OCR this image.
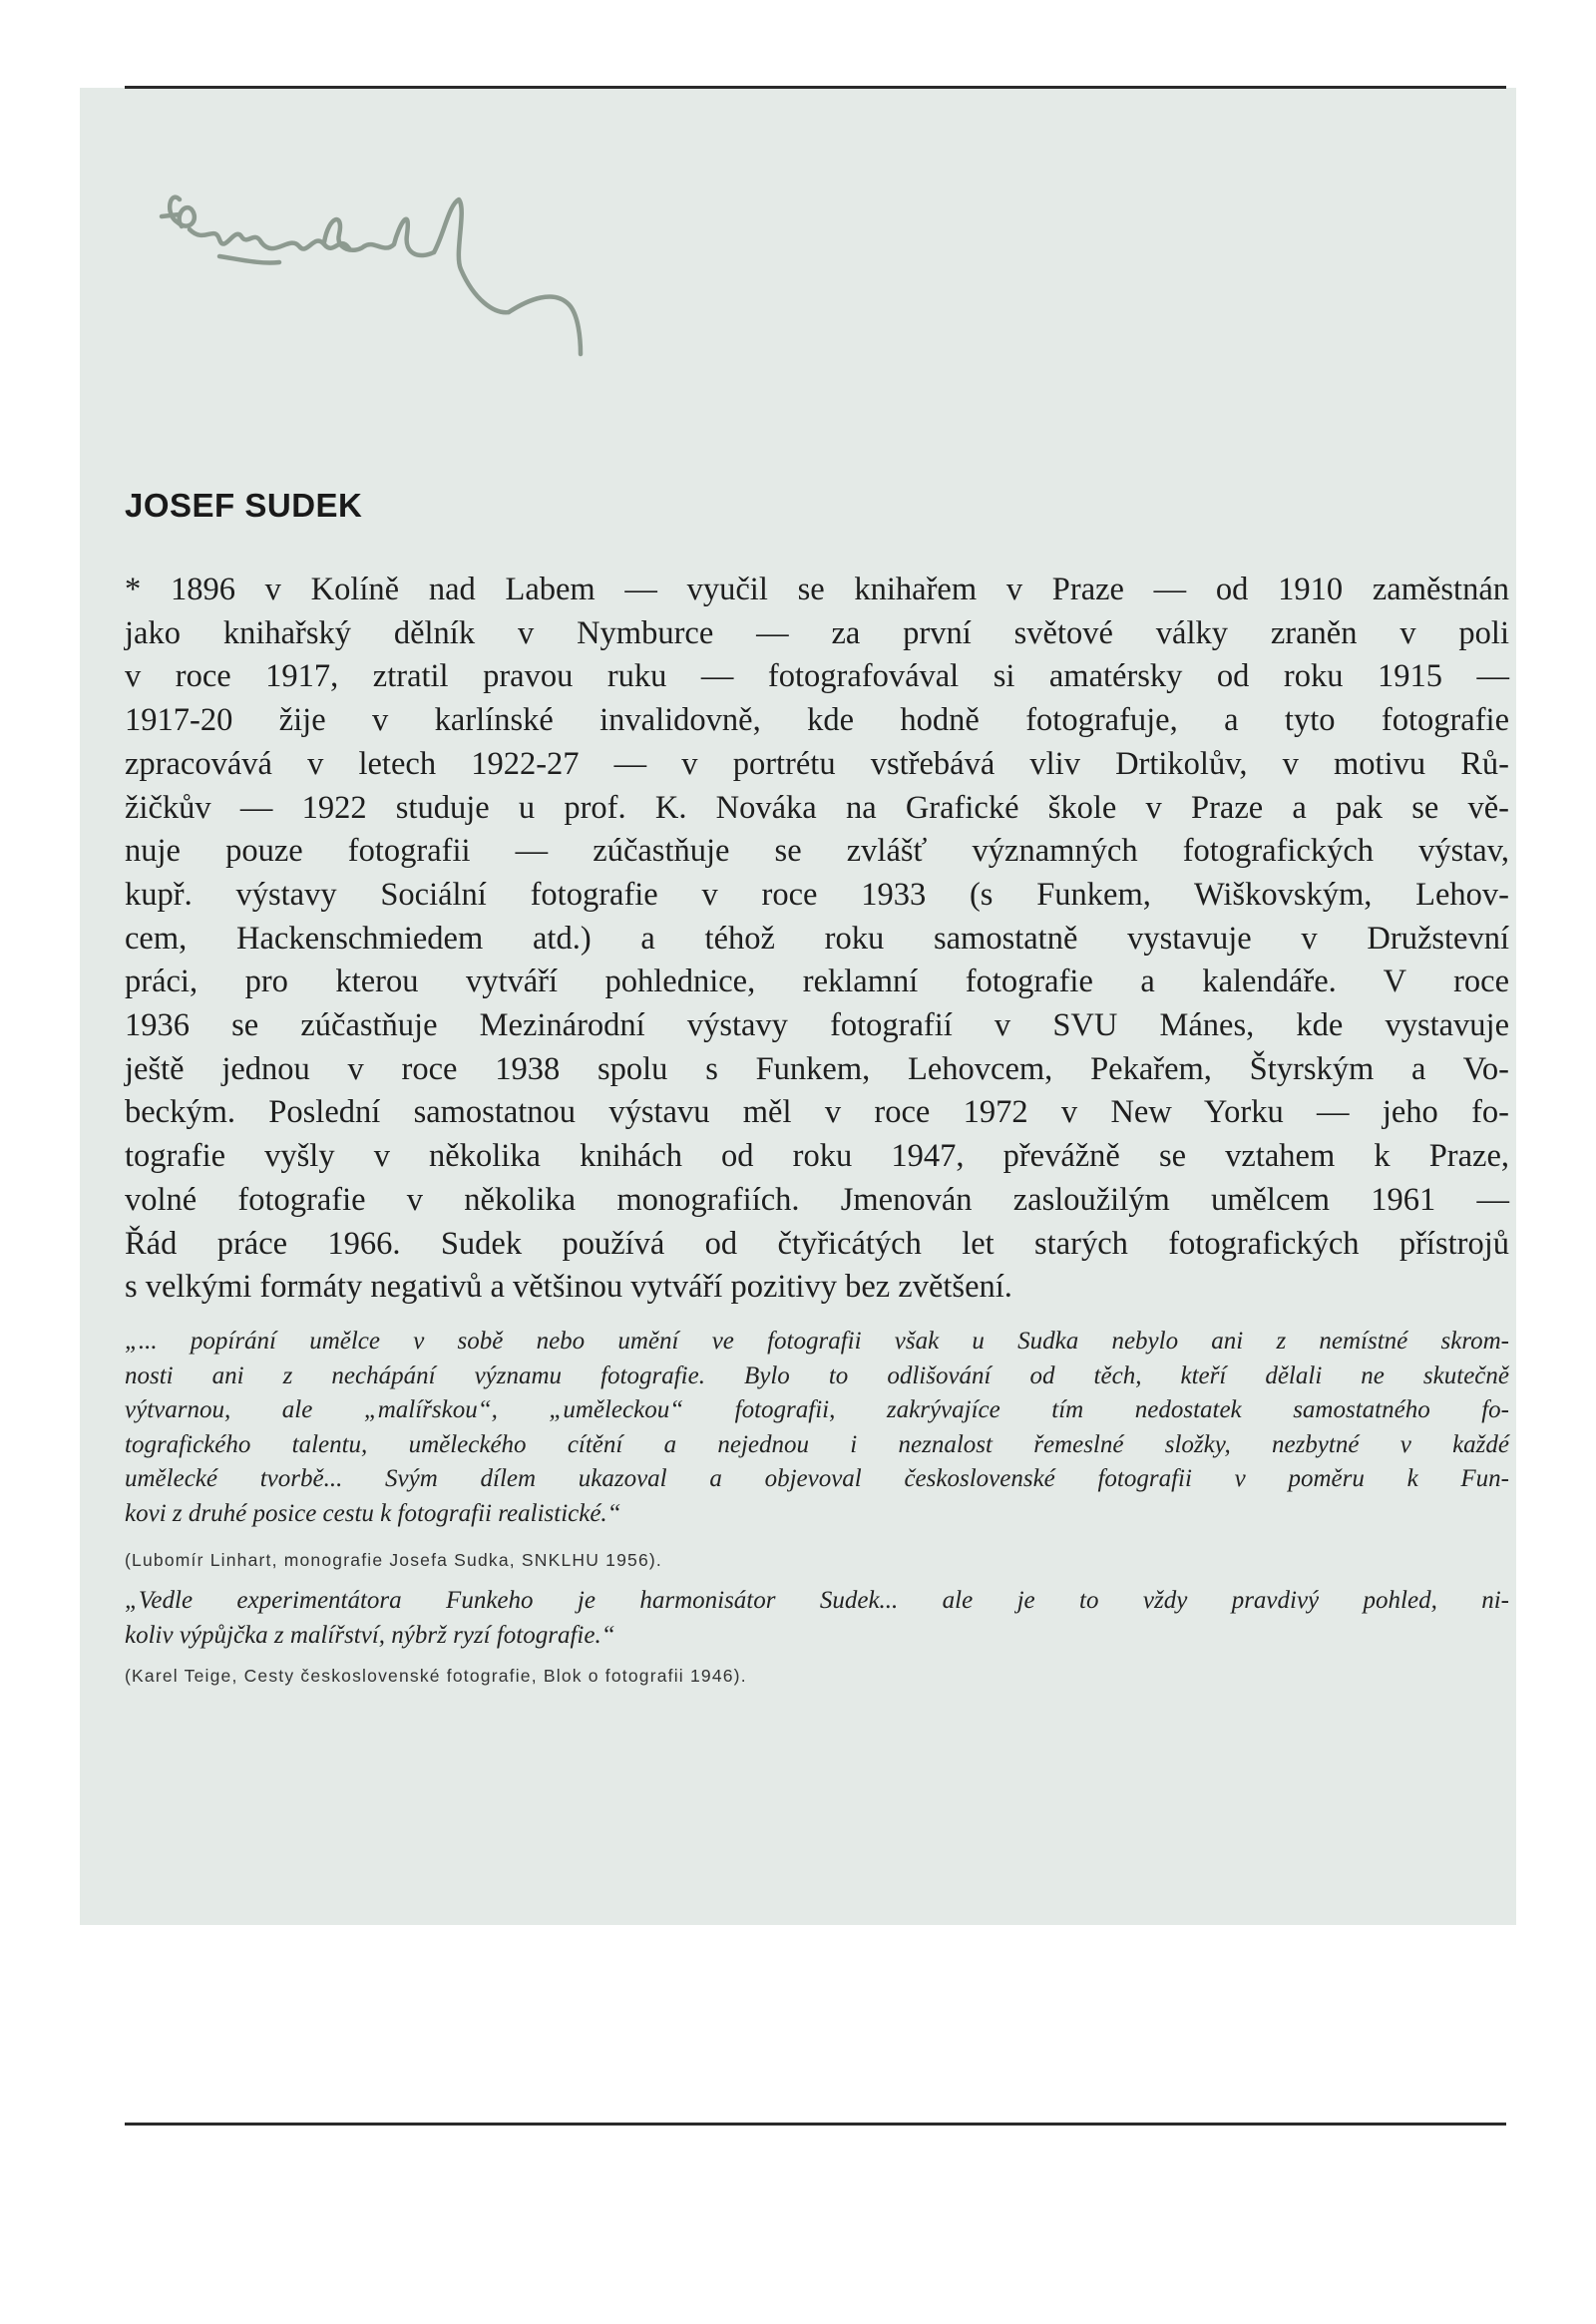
JOSEF SUDEK
* 1896 v Kolíně nad Labem — vyučil se knihařem v Praze — od 1910 zaměstnán
jako knihařský dělník v Nymburce — za první světové války zraněn v poli
v roce 1917, ztratil pravou ruku — fotografovával si amatérsky od roku 1915 —
1917-20 žije v karlínské invalidovně, kde hodně fotografuje, a tyto fotografie
zpracovává v letech 1922-27 — v portrétu vstřebává vliv Drtikolův, v motivu Rů-
žičkův — 1922 studuje u prof. K. Nováka na Grafické škole v Praze a pak se vě-
nuje pouze fotografii — zúčastňuje se zvlášť významných fotografických výstav,
kupř. výstavy Sociální fotografie v roce 1933 (s Funkem, Wiškovským, Lehov-
cem, Hackenschmiedem atd.) a téhož roku samostatně vystavuje v Družstevní
práci, pro kterou vytváří pohlednice, reklamní fotografie a kalendáře. V roce
1936 se zúčastňuje Mezinárodní výstavy fotografií v SVU Mánes, kde vystavuje
ještě jednou v roce 1938 spolu s Funkem, Lehovcem, Pekařem, Štyrským a Vo-
beckým. Poslední samostatnou výstavu měl v roce 1972 v New Yorku — jeho fo-
tografie vyšly v několika knihách od roku 1947, převážně se vztahem k Praze,
volné fotografie v několika monografiích. Jmenován zasloužilým umělcem 1961 —
Řád práce 1966. Sudek používá od čtyřicátých let starých fotografických přístrojů
s velkými formáty negativů a většinou vytváří pozitivy bez zvětšení.
„... popírání umělce v sobě nebo umění ve fotografii však u Sudka nebylo ani z nemístné skrom-
nosti ani z nechápání významu fotografie. Bylo to odlišování od těch, kteří dělali ne skutečně
výtvarnou, ale „malířskou“, „uměleckou“ fotografii, zakrývajíce tím nedostatek samostatného fo-
tografického talentu, uměleckého cítění a nejednou i neznalost řemeslné složky, nezbytné v každé
umělecké tvorbě... Svým dílem ukazoval a objevoval československé fotografii v poměru k Fun-
kovi z druhé posice cestu k fotografii realistické.“
(Lubomír Linhart, monografie Josefa Sudka, SNKLHU 1956).
„Vedle experimentátora Funkeho je harmonisátor Sudek... ale je to vždy pravdivý pohled, ni-
koliv výpůjčka z malířství, nýbrž ryzí fotografie.“
(Karel Teige, Cesty československé fotografie, Blok o fotografii 1946).
